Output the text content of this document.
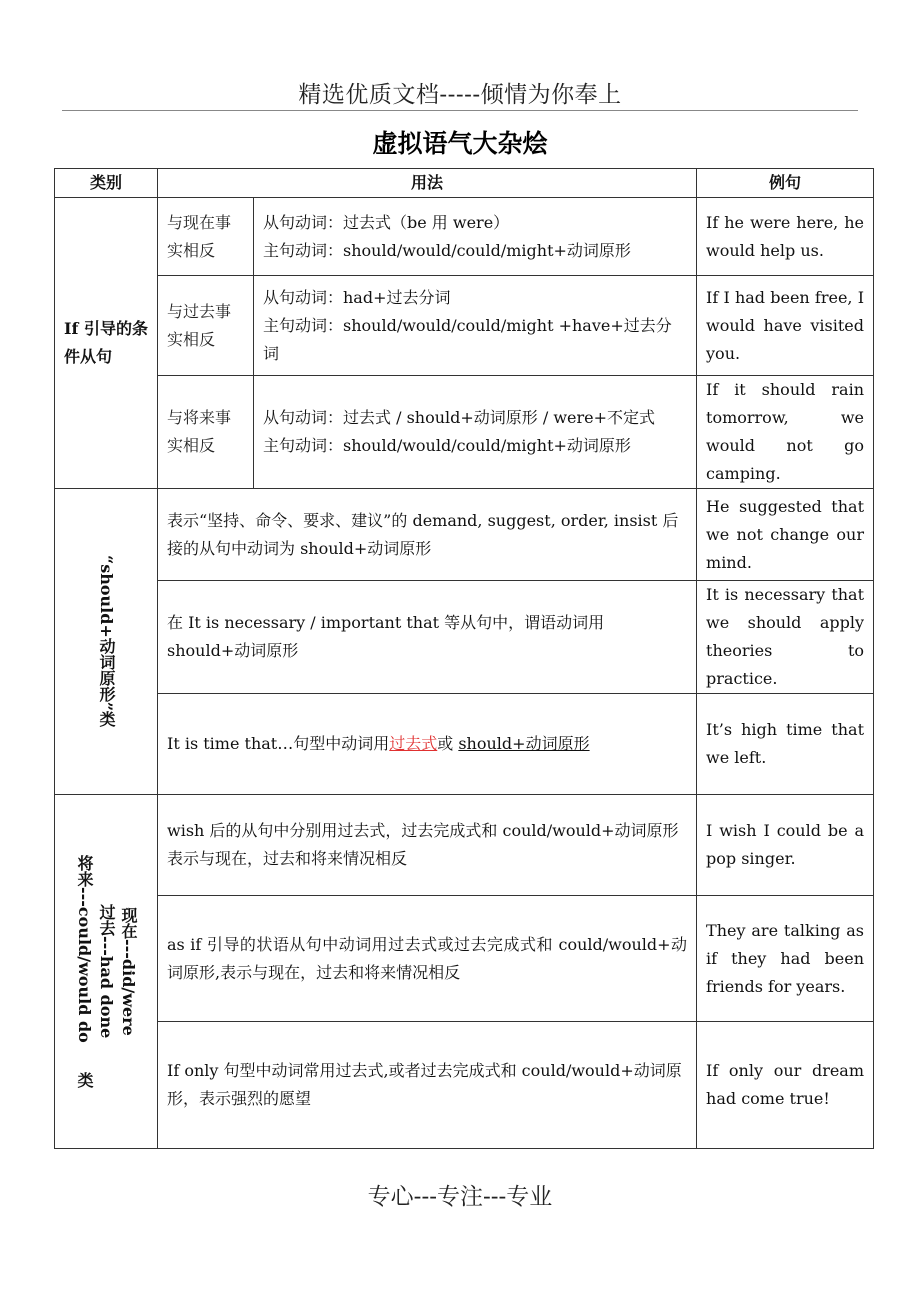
精选优质文档-----倾情为你奉上
虚拟语气大杂烩
类别	用法		例句
If 引导的条件从句	与现在事实相反	从句动词：过去式（be 用 were）
主句动词：should/would/could/might+动词原形	If he were here, he would help us.
	与过去事实相反	从句动词：had+过去分词
主句动词：should/would/could/might +have+过去分词	If I had been free, I would have visited you.
	与将来事实相反	从句动词：过去式 / should+动词原形 / were+不定式
主句动词：should/would/could/might+动词原形	If it should rain tomorrow, we would not go camping.

“should+动词原形”类	表示“坚持、命令、要求、建议”的 demand, suggest, order, insist 后接的从句中动词为 should+动词原形		He suggested that we not change our mind.
	在 It is necessary / important that 等从句中，谓语动词用 should+动词原形		It is necessary that we should apply theories to practice.
	It is time that…句型中动词用过去式或 should+动词原形		It’s high time that we left.

现在---did/were
过去---had done
将来---could/would do类	wish 后的从句中分别用过去式，过去完成式和 could/would+动词原形表示与现在，过去和将来情况相反		I wish I could be a pop singer.
	as if 引导的状语从句中动词用过去式或过去完成式和 could/would+动词原形,表示与现在，过去和将来情况相反		They are talking as if they had been friends for years.
	If only 句型中动词常用过去式,或者过去完成式和 could/would+动词原形，表示强烈的愿望		If only our dream had come true!
专心---专注---专业
